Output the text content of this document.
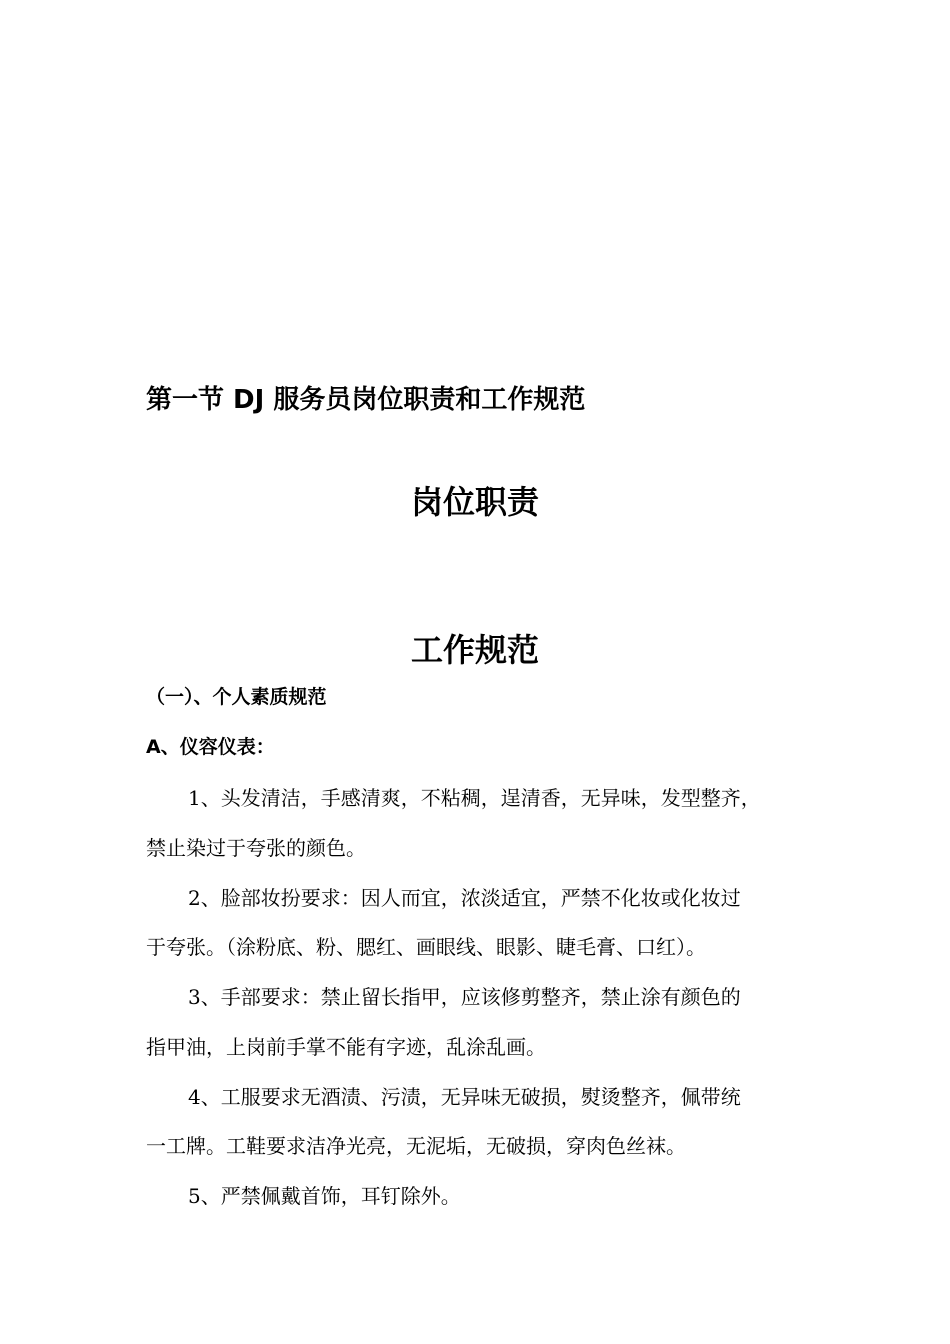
第一节 DJ 服务员岗位职责和工作规范
岗位职责
工作规范
（一）、个人素质规范
A、仪容仪表：
1、头发清洁，手感清爽，不粘稠，逞清香，无异味，发型整齐，
禁止染过于夸张的颜色。
2、脸部妆扮要求：因人而宜，浓淡适宜，严禁不化妆或化妆过
于夸张。（涂粉底、粉、腮红、画眼线、眼影、睫毛膏、口红）。
3、手部要求：禁止留长指甲，应该修剪整齐，禁止涂有颜色的
指甲油，上岗前手掌不能有字迹，乱涂乱画。
4、工服要求无酒渍、污渍，无异味无破损，熨烫整齐，佩带统
一工牌。工鞋要求洁净光亮，无泥垢，无破损，穿肉色丝袜。
5、严禁佩戴首饰，耳钉除外。
